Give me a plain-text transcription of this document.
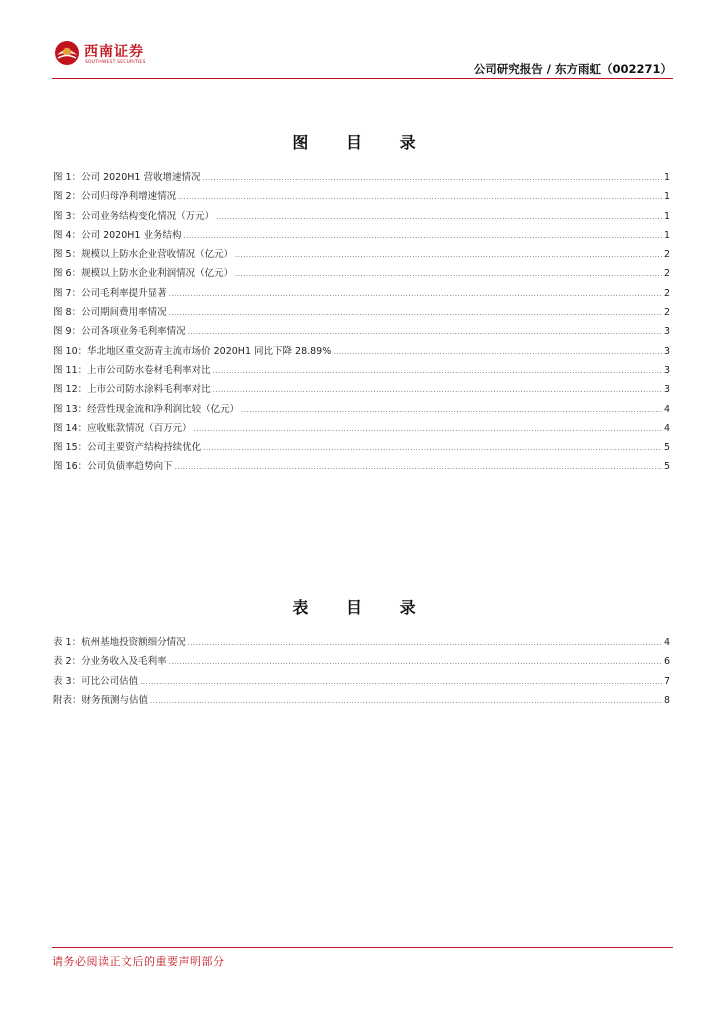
西南证券
SOUTHWEST SECURITIES	公司研究报告 / 东方雨虹（002271）
图 目 录
图 1：公司 2020H1 营收增速情况 .....	1
图 2：公司归母净利增速情况 .....	1
图 3：公司业务结构变化情况（万元） .....	1
图 4：公司 2020H1 业务结构 .....	1
图 5：规模以上防水企业营收情况（亿元） .....	2
图 6：规模以上防水企业利润情况（亿元） .....	2
图 7：公司毛利率提升显著 .....	2
图 8：公司期间费用率情况 .....	2
图 9：公司各项业务毛利率情况 .....	3
图 10：华北地区重交沥青主流市场价 2020H1 同比下降 28.89% .....	3
图 11：上市公司防水卷材毛利率对比 .....	3
图 12：上市公司防水涂料毛利率对比 .....	3
图 13：经营性现金流和净利润比较（亿元） .....	4
图 14：应收账款情况（百万元） .....	4
图 15：公司主要资产结构持续优化 .....	5
图 16：公司负债率趋势向下 .....	5
表 目 录
表 1：杭州基地投资额细分情况 .....	4
表 2：分业务收入及毛利率 .....	6
表 3：可比公司估值 .....	7
附表：财务预测与估值 .....	8
请务必阅读正文后的重要声明部分
